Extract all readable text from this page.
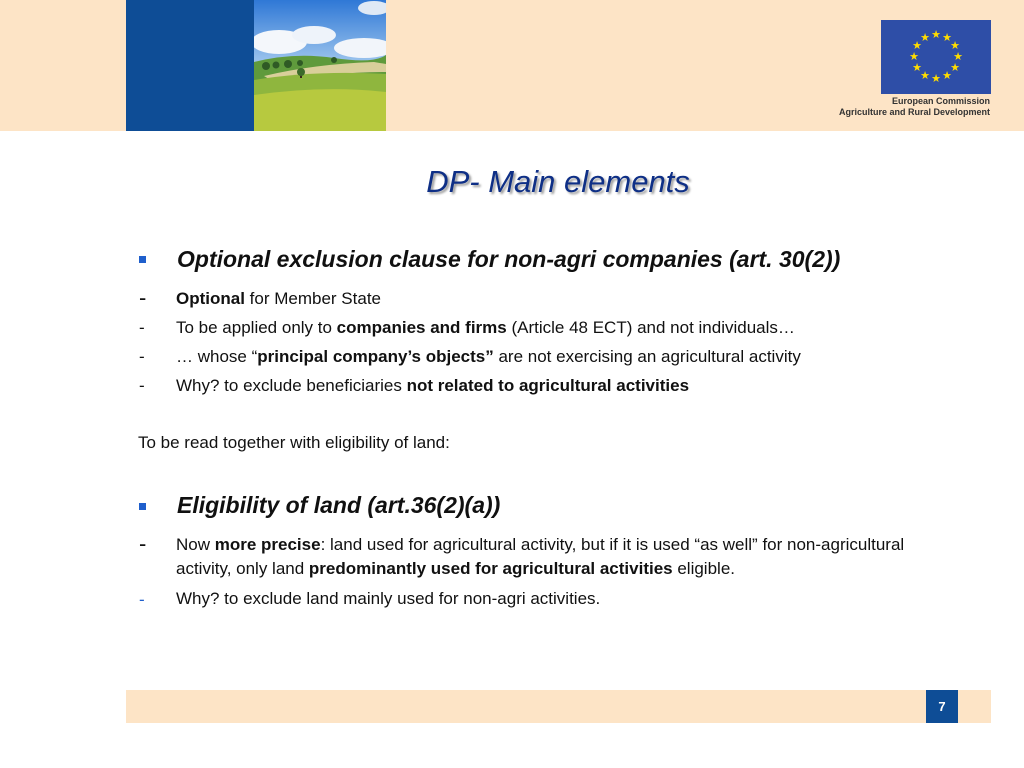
★ ★
★
★
★
★
★
★
★
★
★
★
European Commission
Agriculture and Rural Development
DP- Main elements
Optional exclusion clause for non-agri companies (art. 30(2))
- Optional for Member State
- To be applied only to companies and firms (Article 48 ECT) and not individuals…
- … whose “principal company’s objects” are not exercising an agricultural activity
- Why? to exclude beneficiaries not related to agricultural activities
To be read together with eligibility of land:
Eligibility of land (art.36(2)(a))
- Now more precise: land used for agricultural activity, but if it is used “as well” for non-agricultural activity, only land predominantly used for agricultural activities eligible.
- Why? to exclude land mainly used for non-agri activities.
7
